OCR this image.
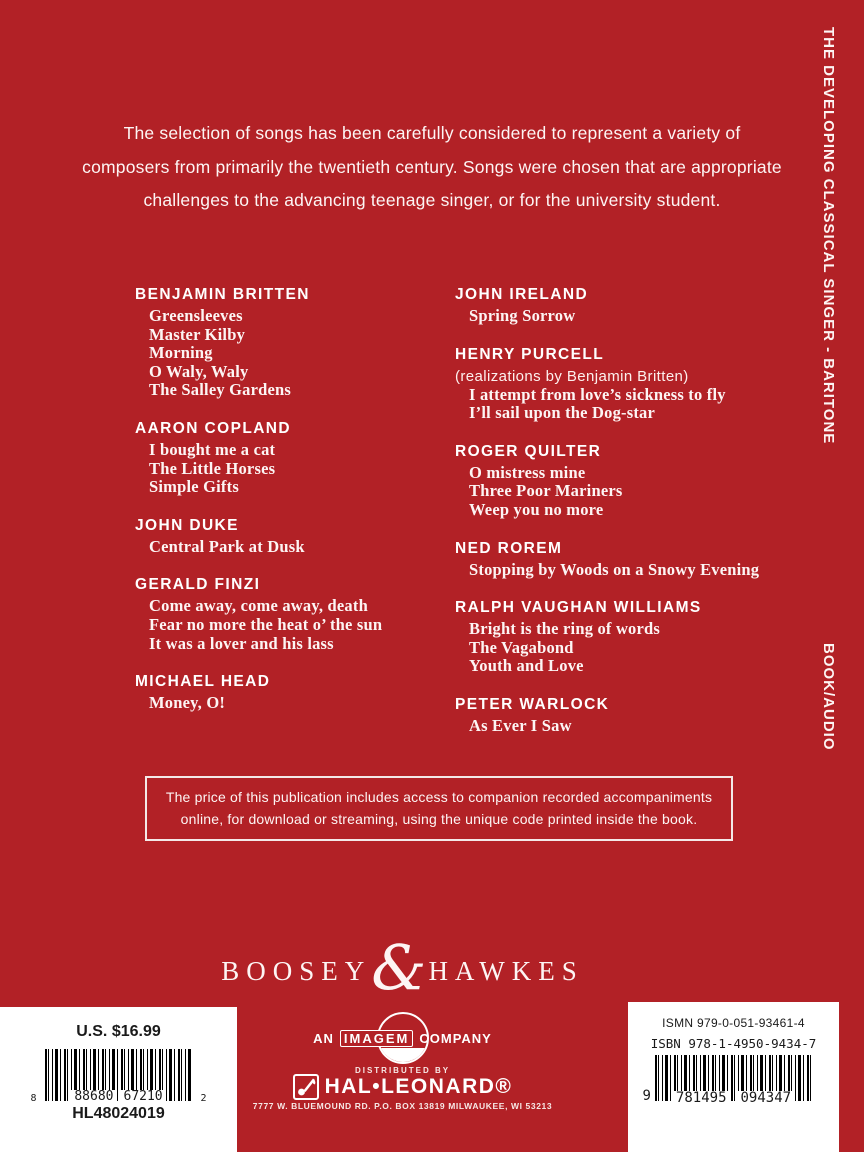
THE DEVELOPING CLASSICAL SINGER - BARITONE
BOOK/AUDIO
The selection of songs has been carefully considered to represent a variety of composers from primarily the twentieth century. Songs were chosen that are appropriate challenges to the advancing teenage singer, or for the university student.
BENJAMIN BRITTEN
Greensleeves
Master Kilby
Morning
O Waly, Waly
The Salley Gardens
AARON COPLAND
I bought me a cat
The Little Horses
Simple Gifts
JOHN DUKE
Central Park at Dusk
GERALD FINZI
Come away, come away, death
Fear no more the heat o’ the sun
It was a lover and his lass
MICHAEL HEAD
Money, O!
JOHN IRELAND
Spring Sorrow
HENRY PURCELL
(realizations by Benjamin Britten)
I attempt from love’s sickness to fly
I’ll sail upon the Dog-star
ROGER QUILTER
O mistress mine
Three Poor Mariners
Weep you no more
NED ROREM
Stopping by Woods on a Snowy Evening
RALPH VAUGHAN WILLIAMS
Bright is the ring of words
The Vagabond
Youth and Love
PETER WARLOCK
As Ever I Saw
The price of this publication includes access to companion recorded accompaniments online, for download or streaming, using the unique code printed inside the book.
BOOSEY & HAWKES
AN IMAGEM COMPANY
DISTRIBUTED BY
HAL•LEONARD®
7777 W. BLUEMOUND RD. P.O. BOX 13819 MILWAUKEE, WI 53213
U.S. $16.99
8	88680 67210	2
HL48024019
ISMN 979-0-051-93461-4
ISBN 978-1-4950-9434-7
9 781495 094347
